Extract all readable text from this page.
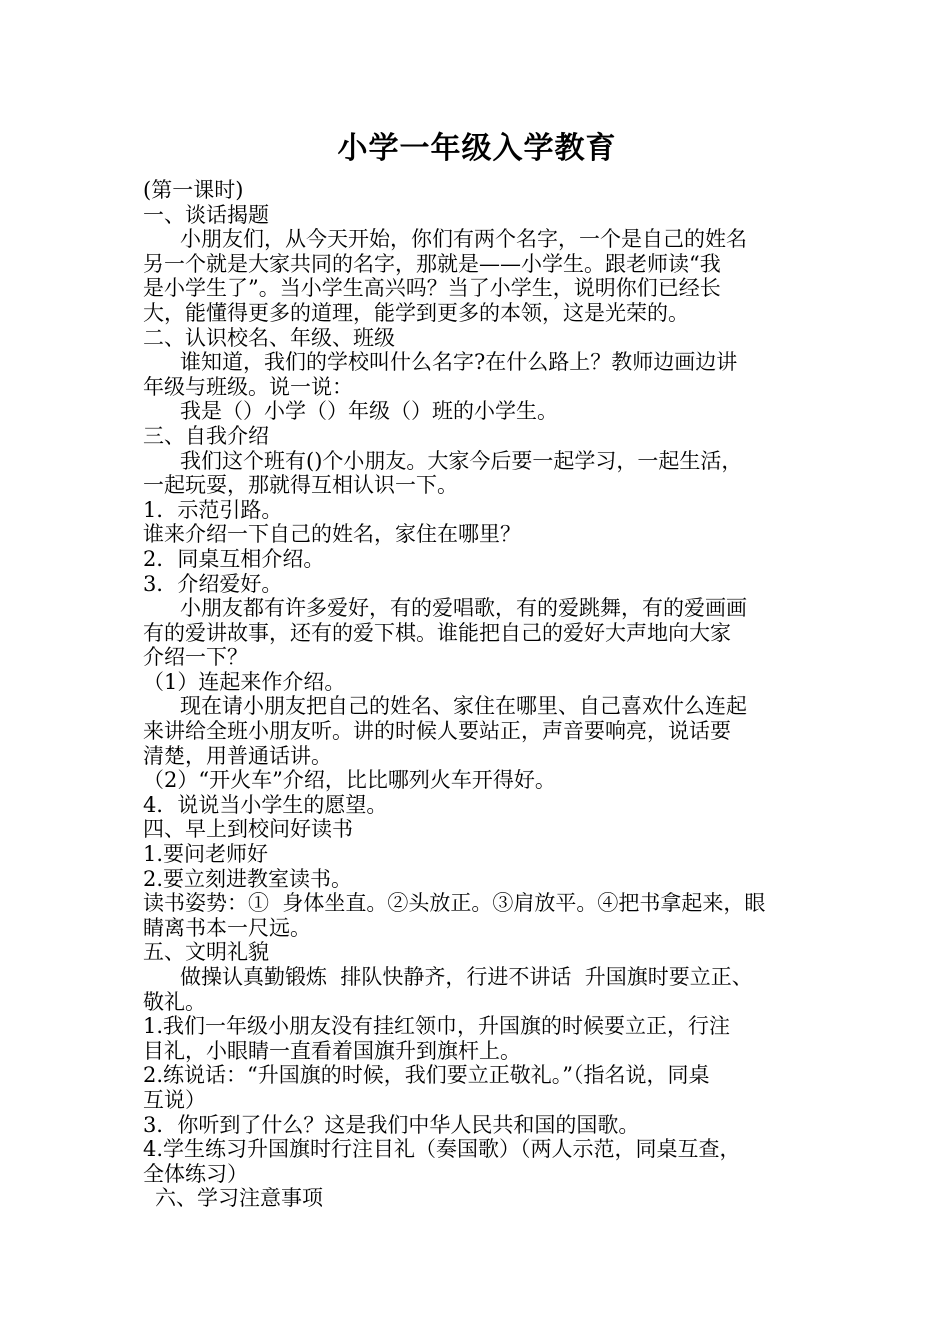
小学一年级入学教育
(第一课时)
一、谈话揭题
小朋友们，从今天开始，你们有两个名字，一个是自己的姓名
另一个就是大家共同的名字，那就是——小学生。跟老师读“我
是小学生了”。当小学生高兴吗？当了小学生，说明你们已经长
大，能懂得更多的道理，能学到更多的本领，这是光荣的。
二、认识校名、年级、班级
谁知道，我们的学校叫什么名字?在什么路上？教师边画边讲
年级与班级。说一说：
我是（）小学（）年级（）班的小学生。
三、自我介绍
我们这个班有()个小朋友。大家今后要一起学习，一起生活，
一起玩耍，那就得互相认识一下。
1．示范引路。
谁来介绍一下自己的姓名，家住在哪里？
2．同桌互相介绍。
3．介绍爱好。
小朋友都有许多爱好，有的爱唱歌，有的爱跳舞，有的爱画画
有的爱讲故事，还有的爱下棋。谁能把自己的爱好大声地向大家
介绍一下？
（1）连起来作介绍。
现在请小朋友把自己的姓名、家住在哪里、自己喜欢什么连起
来讲给全班小朋友听。讲的时候人要站正，声音要响亮，说话要
清楚，用普通话讲。
（2）“开火车”介绍，比比哪列火车开得好。
4．说说当小学生的愿望。
四、早上到校问好读书
1.要问老师好
2.要立刻进教室读书。
读书姿势：①  身体坐直。②头放正。③肩放平。④把书拿起来，眼
睛离书本一尺远。
五、文明礼貌
做操认真勤锻炼  排队快静齐，行进不讲话  升国旗时要立正、
敬礼。
1.我们一年级小朋友没有挂红领巾，升国旗的时候要立正，行注
目礼，小眼睛一直看着国旗升到旗杆上。
2.练说话：“升国旗的时候，我们要立正敬礼。”（指名说，同桌
互说）
3．你听到了什么？这是我们中华人民共和国的国歌。
4.学生练习升国旗时行注目礼（奏国歌）（两人示范，同桌互查，
全体练习）
六、学习注意事项
